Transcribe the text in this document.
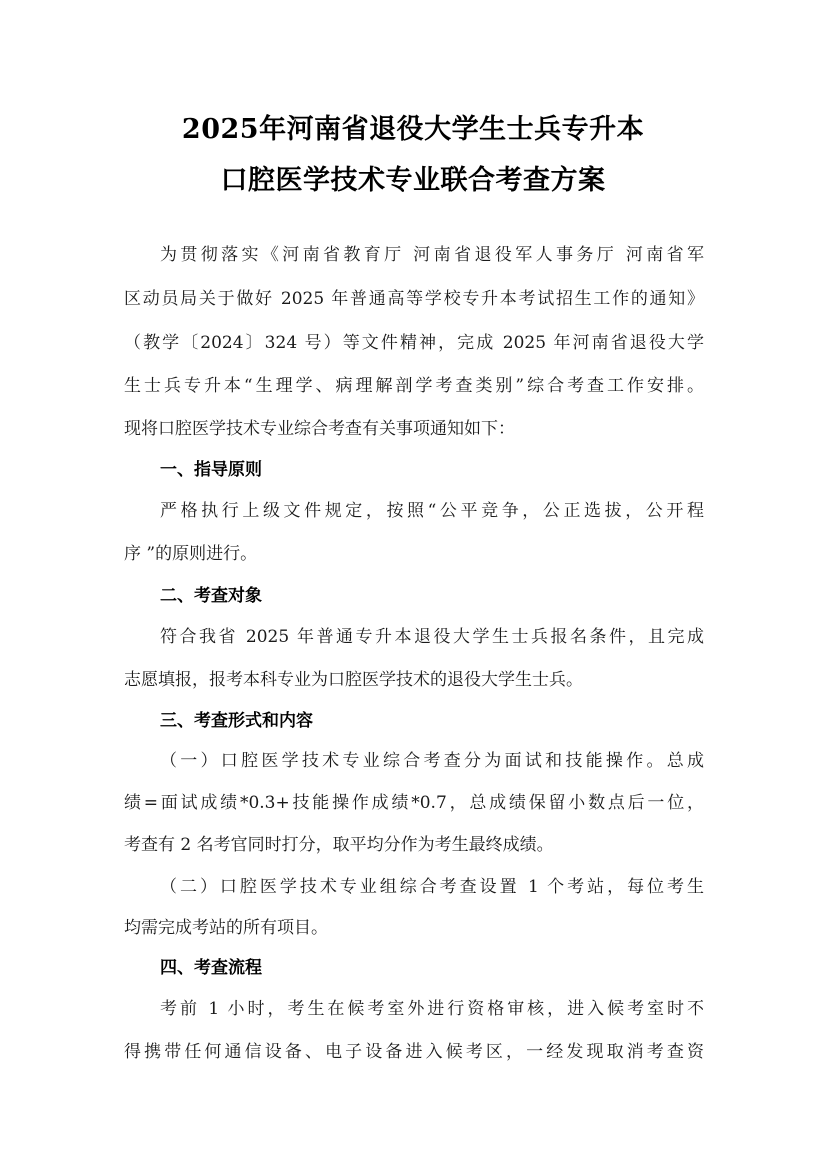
2025年河南省退役大学生士兵专升本
口腔医学技术专业联合考查方案
为贯彻落实《河南省教育厅 河南省退役军人事务厅 河南省军
区动员局关于做好 2025 年普通高等学校专升本考试招生工作的通知》
（教学〔2024〕324 号）等文件精神，完成 2025 年河南省退役大学
生士兵专升本“生理学、病理解剖学考查类别”综合考查工作安排。
现将口腔医学技术专业综合考查有关事项通知如下：
一、指导原则
严格执行上级文件规定，按照“公平竞争，公正选拔，公开程
序 ”的原则进行。
二、考查对象
符合我省 2025 年普通专升本退役大学生士兵报名条件，且完成
志愿填报，报考本科专业为口腔医学技术的退役大学生士兵。
三、考查形式和内容
（一）口腔医学技术专业综合考查分为面试和技能操作。总成
绩=面试成绩*0.3+技能操作成绩*0.7，总成绩保留小数点后一位，
考查有 2 名考官同时打分，取平均分作为考生最终成绩。
（二）口腔医学技术专业组综合考查设置 1 个考站，每位考生
均需完成考站的所有项目。
四、考查流程
考前 1 小时，考生在候考室外进行资格审核，进入候考室时不
得携带任何通信设备、电子设备进入候考区，一经发现取消考查资
